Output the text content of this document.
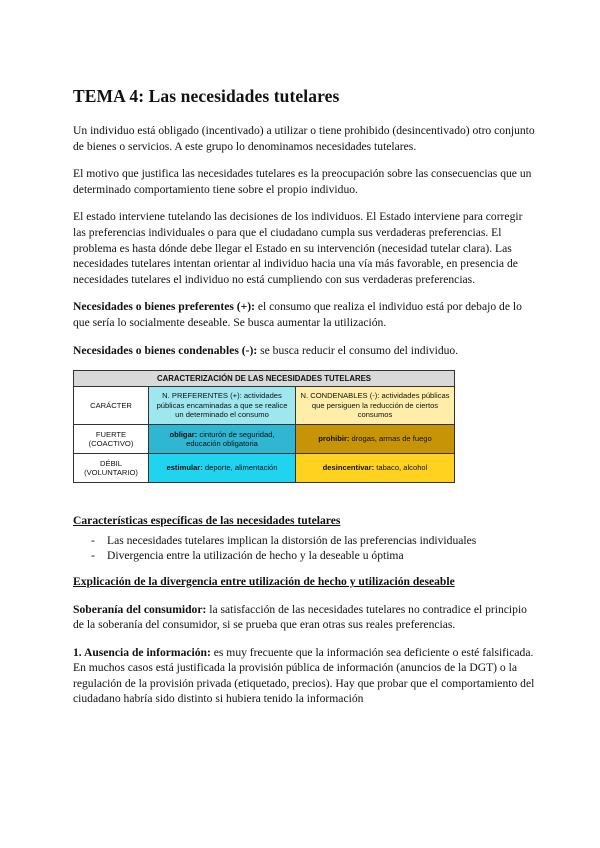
TEMA 4: Las necesidades tutelares

Un individuo está obligado (incentivado) a utilizar o tiene prohibido (desincentivado) otro conjunto de bienes o servicios. A este grupo lo denominamos necesidades tutelares.

El motivo que justifica las necesidades tutelares es la preocupación sobre las consecuencias que un determinado comportamiento tiene sobre el propio individuo.

El estado interviene tutelando las decisiones de los individuos. El Estado interviene para corregir las preferencias individuales o para que el ciudadano cumpla sus verdaderas preferencias. El problema es hasta dónde debe llegar el Estado en su intervención (necesidad tutelar clara). Las necesidades tutelares intentan orientar al individuo hacia una vía más favorable, en presencia de necesidades tutelares el individuo no está cumpliendo con sus verdaderas preferencias.

Necesidades o bienes preferentes (+): el consumo que realiza el individuo está por debajo de lo que sería lo socialmente deseable. Se busca aumentar la utilización.

Necesidades o bienes condenables (-): se busca reducir el consumo del individuo.

CARACTERIZACIÓN DE LAS NECESIDADES TUTELARES		
CARÁCTER	N. PREFERENTES (+): actividades públicas encaminadas a que se realice un determinado el consumo	N. CONDENABLES (-): actividades públicas que persiguen la reducción de ciertos consumos
FUERTE
(COACTIVO)	obligar: cinturón de seguridad, educación obligatoria	prohibir: drogas, armas de fuego
DÉBIL
(VOLUNTARIO)	estimular: deporte, alimentación	desincentivar: tabaco, alcohol
Características específicas de las necesidades tutelares
- Las necesidades tutelares implican la distorsión de las preferencias individuales
- Divergencia entre la utilización de hecho y la deseable u óptima
Explicación de la divergencia entre utilización de hecho y utilización deseable

Soberanía del consumidor: la satisfacción de las necesidades tutelares no contradice el principio de la soberanía del consumidor, si se prueba que eran otras sus reales preferencias.

1. Ausencia de información: es muy frecuente que la información sea deficiente o esté falsificada. En muchos casos está justificada la provisión pública de información (anuncios de la DGT) o la regulación de la provisión privada (etiquetado, precios). Hay que probar que el comportamiento del ciudadano habría sido distinto si hubiera tenido la información
